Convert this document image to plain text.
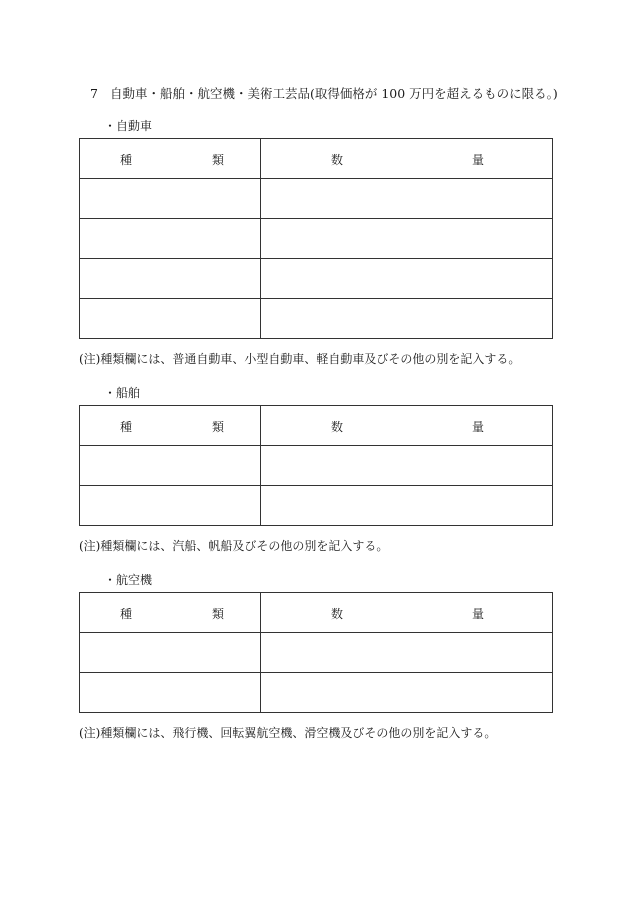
7 自動車・船舶・航空機・美術工芸品(取得価格が 100 万円を超えるものに限る。)
・自動車
種 類	数 量

(注)種類欄には、普通自動車、小型自動車、軽自動車及びその他の別を記入する。
・船舶
種 類	数 量

(注)種類欄には、汽船、帆船及びその他の別を記入する。
・航空機
種 類	数 量

(注)種類欄には、飛行機、回転翼航空機、滑空機及びその他の別を記入する。
